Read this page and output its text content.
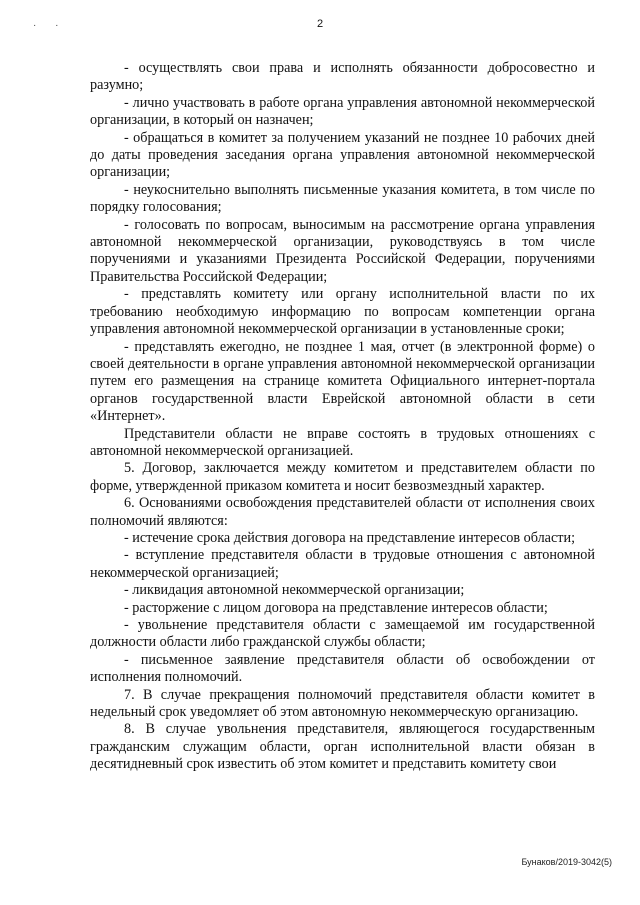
· ·	2

- осуществлять свои права и исполнять обязанности добросовестно и разумно;

- лично участвовать в работе органа управления автономной некоммерческой организации, в который он назначен;

- обращаться в комитет за получением указаний не позднее 10 рабочих дней до даты проведения заседания органа управления автономной некоммерческой организации;

- неукоснительно выполнять письменные указания комитета, в том числе по порядку голосования;

- голосовать по вопросам, выносимым на рассмотрение органа управления автономной некоммерческой организации, руководствуясь в том числе поручениями и указаниями Президента Российской Федерации, поручениями Правительства Российской Федерации;

- представлять комитету или органу исполнительной власти по их требованию необходимую информацию по вопросам компетенции органа управления автономной некоммерческой организации в установленные сроки;

- представлять ежегодно, не позднее 1 мая, отчет (в электронной форме) о своей деятельности в органе управления автономной некоммерческой организации путем его размещения на странице комитета Официального интернет-портала органов государственной власти Еврейской автономной области в сети «Интернет».

Представители области не вправе состоять в трудовых отношениях с автономной некоммерческой организацией.

5. Договор, заключается между комитетом и представителем области по форме, утвержденной приказом комитета и носит безвозмездный характер.

6. Основаниями освобождения представителей области от исполнения своих полномочий являются:

- истечение срока действия договора на представление интересов области;

- вступление представителя области в трудовые отношения с автономной некоммерческой организацией;

- ликвидация автономной некоммерческой организации;

- расторжение с лицом договора на представление интересов области;

- увольнение представителя области с замещаемой им государственной должности области либо гражданской службы области;

- письменное заявление представителя области об освобождении от исполнения полномочий.

7. В случае прекращения полномочий представителя области комитет в недельный срок уведомляет об этом автономную некоммерческую организацию.

8. В случае увольнения представителя, являющегося государственным гражданским служащим области, орган исполнительной власти обязан в десятидневный срок известить об этом комитет и представить комитету свои

Бунаков/2019-3042(5)
